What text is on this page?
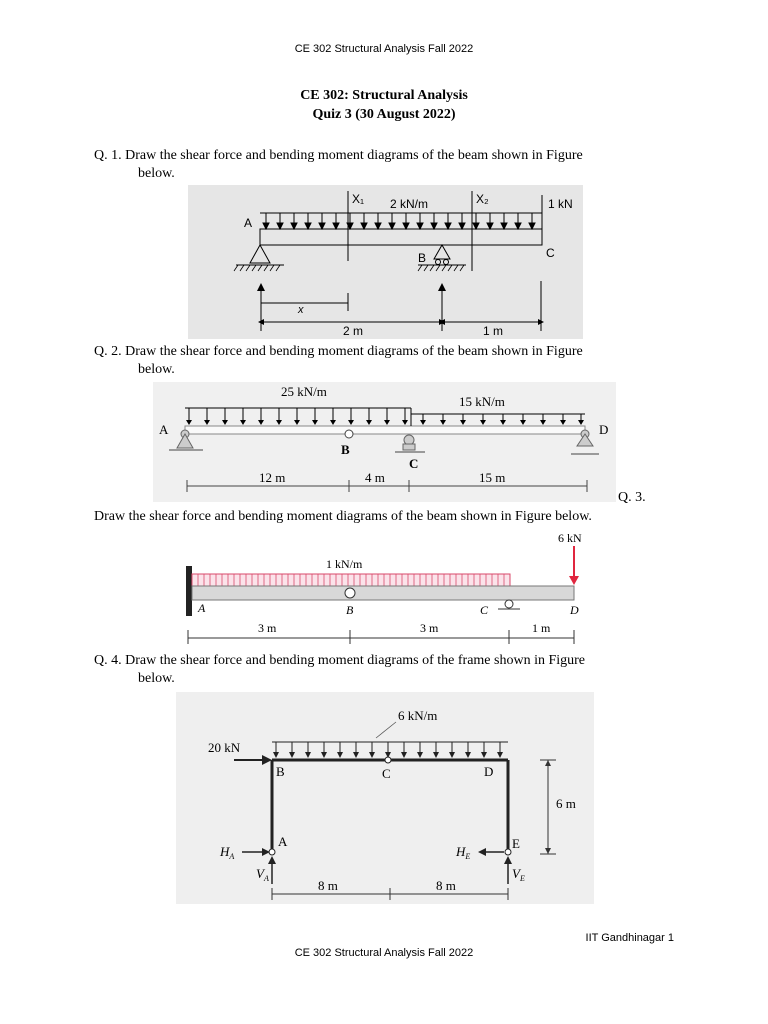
CE 302 Structural Analysis Fall 2022
CE 302: Structural Analysis
Quiz 3 (30 August 2022)
Q. 1. Draw the shear force and bending moment diagrams of the beam shown in Figure
below.
A
B	C
X₁	X₂
2 kN/m	1 kN
x
2 m	1 m
Q. 2. Draw the shear force and bending moment diagrams of the beam shown in Figure
below.
25 kN/m
15 kN/m
A
B
C
D
12 m	4 m	15 m
Q. 3.
Draw the shear force and bending moment diagrams of the beam shown in Figure below.
1 kN/m
6 kN
A	B	C	D
3 m	3 m	1 m
Q. 4. Draw the shear force and bending moment diagrams of the frame shown in Figure
below.
6 kN/m
20 kN
B	C	D
A	E
$H_A$
$V_A$
$H_E$
$V_E$
6 m
8 m	8 m
IIT Gandhinagar 1
CE 302 Structural Analysis Fall 2022
